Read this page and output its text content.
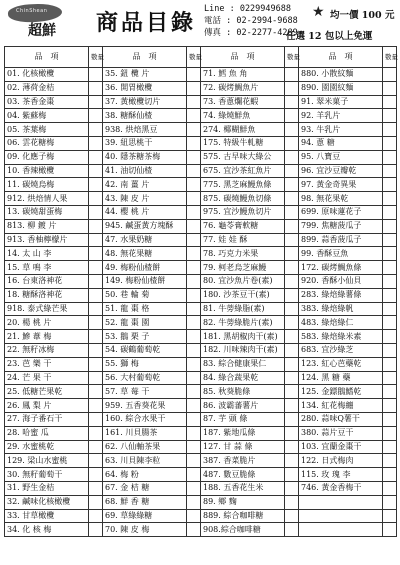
ChinShean
超鮮 商品目錄
Line : 0229949688
電話 : 02-2994-9688
傳真 : 02-2277-4289
★ 均一價 100 元
任選 12 包以上免運
品　項	數量	品　項	數量	品　項	數量	品　項	數量
01. 化核橄欖		35. 鈕 欖 片		71. 鱈 魚 角		880. 小散紋麵	
02. 薄荷金桔		36. 開胃橄欖		72. 碳烤鯛魚片		890. 園園紋麵	
03. 茶香金棗		37. 黃橄欖切片		73. 香蔥爛花蝦		91. 翠米菓子	
04. 紫蘇梅		38. 糖酥仙楂		74. 綠燒鮮魚		92. 羊乳片	
05. 茶葉梅		938. 烘焙黑豆		274. 椰糊鮮魚		93. 牛乳片	
06. 雲花糖梅		39. 紐思桃干		175. 特級牛軋糖		94. 蔥 糖	
09. 化應子梅		40. 隱茶糖茶梅		575. 古早味大綠公		95. 八寶豆	
10. 香辣橄欖		41. 油切仙楂		675. 宜沙茶紅魚片		96. 宜沙豆瓣乾	
11. 碳燒烏梅		42. 南 薑 片		775. 黑芝麻鰻魚條		97. 黃金奇異果	
912. 烘焙情人果		43. 陳 皮 片		875. 碳燒鰻魚切條		98. 無花果乾	
13. 碳燒甜蛋梅		44. 櫻 桃 片		975. 宜沙鰻魚切片		699. 原味蓮花子	
813. 柳 鍍 片		945. 鹹蛋黃方塊酥		76. 龜苓膏軟糖		799. 焦糖菠瓜子	
913. 香柚檸檬片		47. 水果奶糖		77. 娃 娃 酥		899. 蒜香菠瓜子	
14. 太 山 李		48. 無花果糖		78. 巧克力米果		99. 香酥豆魚	
15. 草 鳴 李		49. 梅粉仙楂餅		79. 柯老烏芝麻鰻		172. 碳烤鯛魚條	
16. 台東洛神花		149. 梅粉仙楂餅		80. 宜沙魚片卷(素)		920. 香酥小仙貝	
18. 糖酥洛神花		50. 巷 輪 菊		180. 沙茶豆干(素)		283. 綠焙綠薯條	
918. 泰式綠芒果		51. 龍 棗 格		81. 牛蒡綠脂(素)		383. 綠焙綠帆	
20. 楊 桃 片		52. 龍 棗 園		82. 牛蒡綠脆片(素)		483. 綠焙綠仁	
21. 鰺 葦 梅		53. 鵝 栗 子		181. 黑胡椒肉干(素)		583. 綠焙綠米素	
22. 無籽冰梅		54. 碳鶴葡萄乾		182. 川味辣肉干(素)		683. 宜沙綠芝	
23. 芭 樂 干		55. 獅 梅		83. 綜合健康果仁		123. 紅心芭藥乾	
24. 芒 果 干		56. 大村葡萄乾		84. 綠合蔬果乾		124. 黑 糖 藥	
25. 低糖芒果乾		57. 草 莓 干		85. 秋葵脆條		125. 金鏢鵝鰭乾	
26. 鳳 梨 片		959. 五香葵花果		86. 波霸蕃薯片		134. 紅花梅纏	
27. 海子番石干		160. 綜合水果干		87. 芋 頭 條		280. 蒜味Q薯干	
28. 哈蜜 瓜		161. 川貝腸茶		187. 紫地瓜條		380. 蒜片豆干	
29. 水蜜桃乾		62. 八仙軸茶果		127. 甘 蒜 條		103. 宜蘭金棗干	
129. 梁山水蜜桃		63. 川貝陳李粒		387. 香菜脆片		122. 日式梅肉	
30. 無籽葡萄干		64. 梅 粉		487. 數豆脆條		115. 玫 瑰 李	
31. 野生金桔		67. 金 桔 糖		188. 五香花生米		746. 黃金香梅干	
32. 鹹味化核橄欖		68. 鮮 香 糖		89. 鄉 麴			
33. 甘草橄欖		69. 草綠綠糖		889. 綜合咖啡糖			
34. 化 核 梅		70. 陳 皮 梅		908.綜合咖啡糖			
